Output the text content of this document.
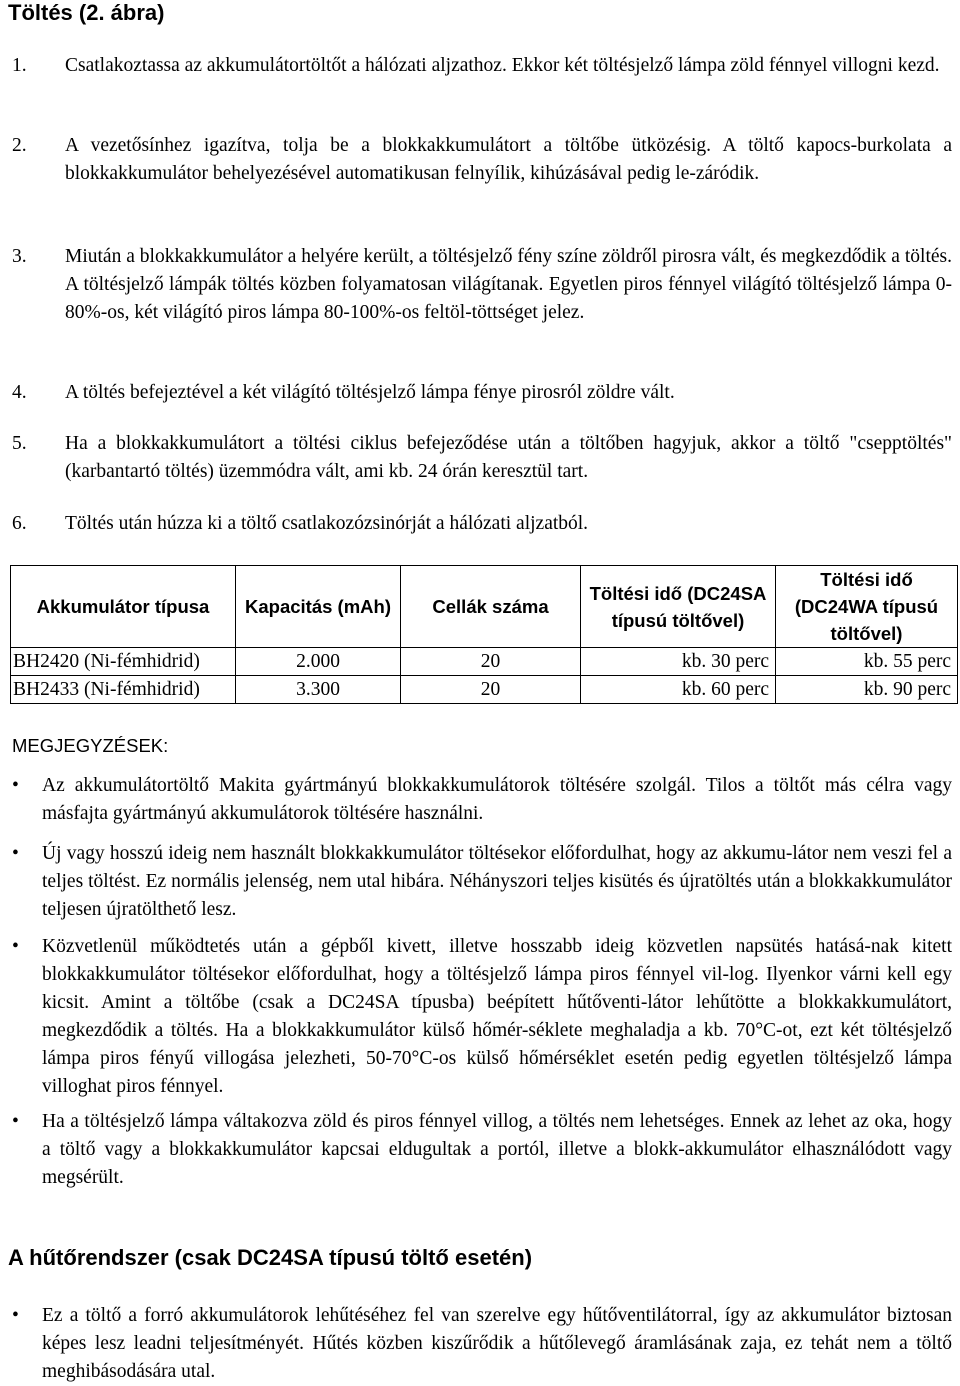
Töltés (2. ábra)
1. Csatlakoztassa az akkumulátortöltőt a hálózati aljzathoz. Ekkor két töltésjelző lámpa zöld fénnyel villogni kezd.
2. A vezetősínhez igazítva, tolja be a blokkakkumulátort a töltőbe ütközésig. A töltő kapocs-burkolata a blokkakkumulátor behelyezésével automatikusan felnyílik, kihúzásával pedig le-záródik.
3. Miután a blokkakkumulátor a helyére került, a töltésjelző fény színe zöldről pirosra vált, és megkezdődik a töltés. A töltésjelző lámpák töltés közben folyamatosan világítanak. Egyetlen piros fénnyel világító töltésjelző lámpa 0-80%-os, két világító piros lámpa 80-100%-os feltöl-töttséget jelez.
4. A töltés befejeztével a két világító töltésjelző lámpa fénye pirosról zöldre vált.
5. Ha a blokkakkumulátort a töltési ciklus befejeződése után a töltőben hagyjuk, akkor a töltő "csepptöltés" (karbantartó töltés) üzemmódra vált, ami kb. 24 órán keresztül tart.
6. Töltés után húzza ki a töltő csatlakozózsinórját a hálózati aljzatból.
Akkumulátor típusa	Kapacitás (mAh)	Cellák száma	Töltési idő (DC24SA típusú töltővel)	Töltési idő (DC24WA típusú töltővel)
BH2420 (Ni-fémhidrid)	2.000	20	kb. 30 perc	kb. 55 perc
BH2433 (Ni-fémhidrid)	3.300	20	kb. 60 perc	kb. 90 perc
MEGJEGYZÉSEK:
• Az akkumulátortöltő Makita gyártmányú blokkakkumulátorok töltésére szolgál. Tilos a töltőt más célra vagy másfajta gyártmányú akkumulátorok töltésére használni.
• Új vagy hosszú ideig nem használt blokkakkumulátor töltésekor előfordulhat, hogy az akkumu-látor nem veszi fel a teljes töltést. Ez normális jelenség, nem utal hibára. Néhányszori teljes kisütés és újratöltés után a blokkakkumulátor teljesen újratölthető lesz.
• Közvetlenül működtetés után a gépből kivett, illetve hosszabb ideig közvetlen napsütés hatásá-nak kitett blokkakkumulátor töltésekor előfordulhat, hogy a töltésjelző lámpa piros fénnyel vil-log. Ilyenkor várni kell egy kicsit. Amint a töltőbe (csak a DC24SA típusba) beépített hűtőventi-látor lehűtötte a blokkakkumulátort, megkezdődik a töltés. Ha a blokkakkumulátor külső hőmér-séklete meghaladja a kb. 70°C-ot, ezt két töltésjelző lámpa piros fényű villogása jelezheti, 50-70°C-os külső hőmérséklet esetén pedig egyetlen töltésjelző lámpa villoghat piros fénnyel.
• Ha a töltésjelző lámpa váltakozva zöld és piros fénnyel villog, a töltés nem lehetséges. Ennek az lehet az oka, hogy a töltő vagy a blokkakkumulátor kapcsai eldugultak a portól, illetve a blokk-akkumulátor elhasználódott vagy megsérült.
A hűtőrendszer (csak DC24SA típusú töltő esetén)
• Ez a töltő a forró akkumulátorok lehűtéséhez fel van szerelve egy hűtőventilátorral, így az akkumulátor biztosan képes lesz leadni teljesítményét. Hűtés közben kiszűrődik a hűtőlevegő áramlásának zaja, ez tehát nem a töltő meghibásodására utal.
